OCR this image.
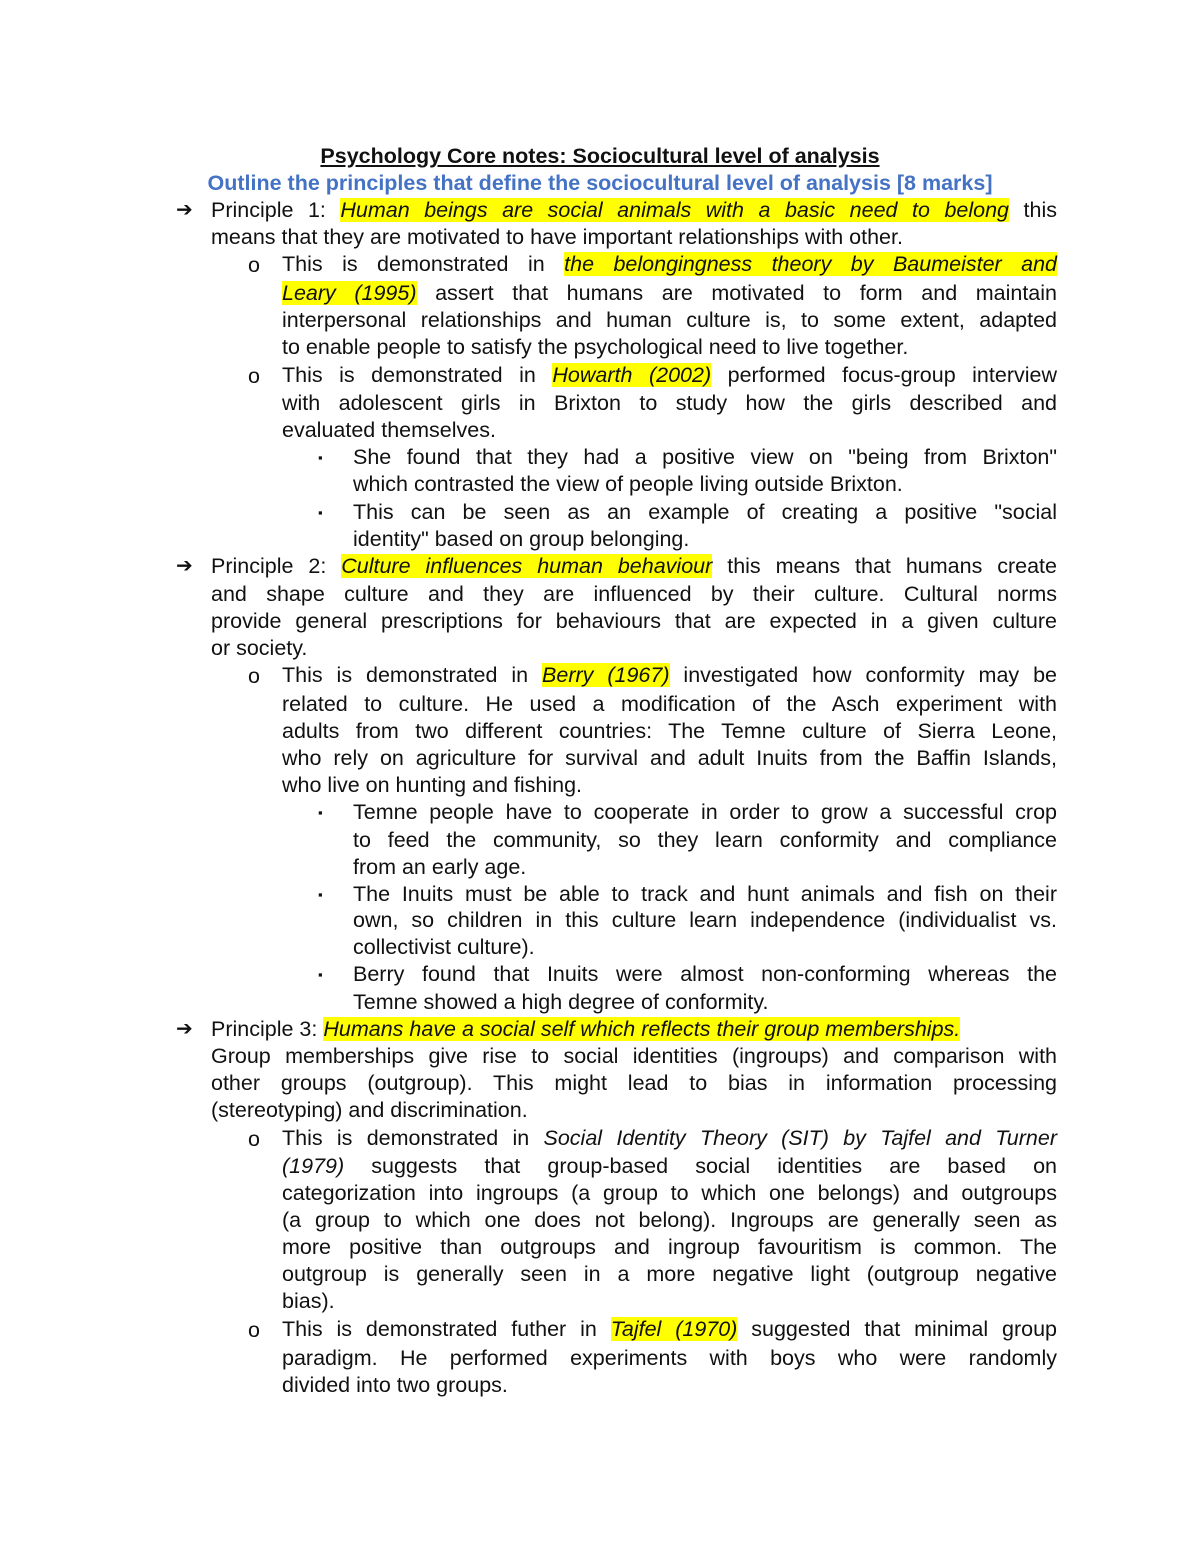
Psychology Core notes: Sociocultural level of analysis
Outline the principles that define the sociocultural level of analysis [8 marks]
➔ Principle 1: Human beings are social animals with a basic need to belong this
means that they are motivated to have important relationships with other.
o This is demonstrated in the belongingness theory by Baumeister and
Leary (1995) assert that humans are motivated to form and maintain
interpersonal relationships and human culture is, to some extent, adapted
to enable people to satisfy the psychological need to live together.
o This is demonstrated in Howarth (2002) performed focus-group interview
with adolescent girls in Brixton to study how the girls described and
evaluated themselves.
▪ She found that they had a positive view on "being from Brixton"
which contrasted the view of people living outside Brixton.
▪ This can be seen as an example of creating a positive "social
identity" based on group belonging.
➔ Principle 2: Culture influences human behaviour this means that humans create
and shape culture and they are influenced by their culture. Cultural norms
provide general prescriptions for behaviours that are expected in a given culture
or society.
o This is demonstrated in Berry (1967) investigated how conformity may be
related to culture. He used a modification of the Asch experiment with
adults from two different countries: The Temne culture of Sierra Leone,
who rely on agriculture for survival and adult Inuits from the Baffin Islands,
who live on hunting and fishing.
▪ Temne people have to cooperate in order to grow a successful crop
to feed the community, so they learn conformity and compliance
from an early age.
▪ The Inuits must be able to track and hunt animals and fish on their
own, so children in this culture learn independence (individualist vs.
collectivist culture).
▪ Berry found that Inuits were almost non-conforming whereas the
Temne showed a high degree of conformity.
➔ Principle 3: Humans have a social self which reflects their group memberships.
Group memberships give rise to social identities (ingroups) and comparison with
other groups (outgroup). This might lead to bias in information processing
(stereotyping) and discrimination.
o This is demonstrated in Social Identity Theory (SIT) by Tajfel and Turner
(1979) suggests that group-based social identities are based on
categorization into ingroups (a group to which one belongs) and outgroups
(a group to which one does not belong). Ingroups are generally seen as
more positive than outgroups and ingroup favouritism is common. The
outgroup is generally seen in a more negative light (outgroup negative
bias).
o This is demonstrated futher in Tajfel (1970) suggested that minimal group
paradigm. He performed experiments with boys who were randomly
divided into two groups.
